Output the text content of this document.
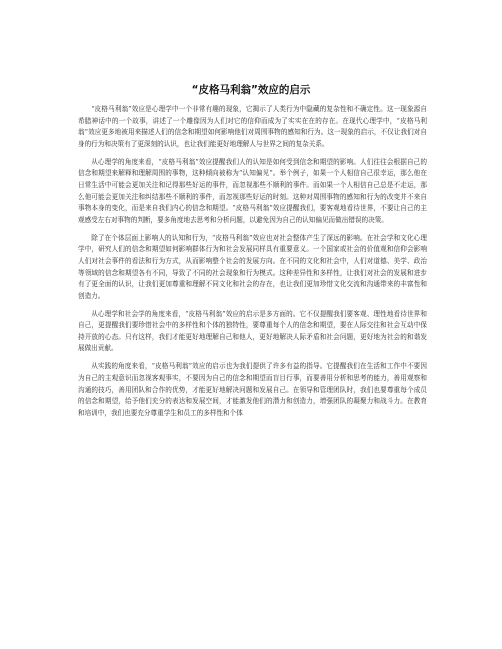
“皮格马利翁”效应的启示

“皮格马利翁”效应是心理学中一个非常有趣的现象，它揭示了人类行为中隐藏的复杂性和不确定性。这一现象源自希腊神话中的一个故事，讲述了一个雕像因为人们对它的信仰而成为了实实在在的存在。在现代心理学中，“皮格马利翁”效应更多地被用来描述人们的信念和期望如何影响他们对周围事物的感知和行为。这一现象的启示，不仅让我们对自身的行为和决策有了更深刻的认识，也让我们能更好地理解人与世界之间的复杂关系。

从心理学的角度来看，“皮格马利翁”效应提醒我们人的认知是如何受到信念和期望的影响。人们往往会根据自己的信念和期望来解释和理解周围的事物，这种倾向被称为“认知偏见”。举个例子，如果一个人相信自己很幸运，那么他在日常生活中可能会更加关注和记得那些好运的事件，而忽视那些不顺利的事件。而如果一个人相信自己总是不走运，那么他可能会更加关注和纠结那些不顺利的事件，而忽视那些好运的时刻。这种对周围事物的感知和行为的改变并不来自事物本身的变化，而是来自我们内心的信念和期望。“皮格马利翁”效应提醒我们，要客观地看待世界，不要让自己的主观感受左右对事物的判断，要多角度地去思考和分析问题，以避免因为自己的认知偏见而做出错误的决策。

除了在个体层面上影响人的认知和行为，“皮格马利翁”效应也对社会整体产生了深远的影响。在社会学和文化心理学中，研究人们的信念和期望如何影响群体行为和社会发展同样具有重要意义。一个国家或社会的价值观和信仰会影响人们对社会事件的看法和行为方式，从而影响整个社会的发展方向。在不同的文化和社会中，人们对道德、美学、政治等领域的信念和期望各有不同，导致了不同的社会现象和行为模式。这种差异性和多样性，让我们对社会的发展和进步有了更全面的认识，让我们更加尊重和理解不同文化和社会的存在，也让我们更加珍惜文化交流和沟通带来的丰富性和创造力。

从心理学和社会学的角度来看，“皮格马利翁”效应的启示是多方面的。它不仅提醒我们要客观、理性地看待世界和自己，更提醒我们要珍惜社会中的多样性和个体的独特性，要尊重每个人的信念和期望，要在人际交往和社会互动中保持开放的心态。只有这样，我们才能更好地理解自己和他人，更好地解决人际矛盾和社会问题，更好地为社会的和谐发展做出贡献。

从实践的角度来看，“皮格马利翁”效应的启示也为我们提供了许多有益的指导。它提醒我们在生活和工作中不要因为自己的主观意识而忽视客观事实，不要因为自己的信念和期望而盲目行事，而要善用分析和思考的能力，善用观察和沟通的技巧，善用团队和合作的优势，才能更好地解决问题和发展自己。在领导和管理团队时，我们也要尊重每个成员的信念和期望，给予他们充分的表达和发展空间，才能激发他们的潜力和创造力，增强团队的凝聚力和战斗力。在教育和培训中，我们也要充分尊重学生和员工的多样性和个体
